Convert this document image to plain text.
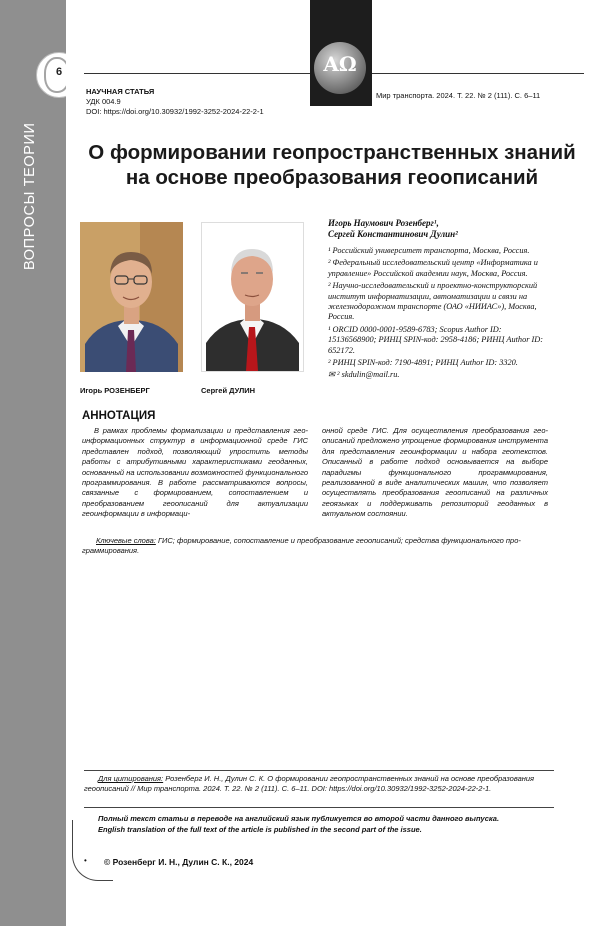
ВОПРОСЫ ТЕОРИИ
6	ΑΩ
НАУЧНАЯ СТАТЬЯ
УДК 004.9
DOI: https://doi.org/10.30932/1992-3252-2024-22-2-1
Мир транспорта. 2024. Т. 22. № 2 (111). С. 6–11
О формировании геопространственных знаний
на основе преобразования геоописаний
Игорь РОЗЕНБЕРГ	Сергей ДУЛИН
Игорь Наумович Розенберг¹,
Сергей Константинович Дулин²

¹ Российский университет транспорта, Москва, Россия.

² Федеральный исследовательский центр «Информатика и управление» Российской академии наук, Москва, Россия.

² Научно-исследовательский и проектно-конструкторский институт информатизации, автоматизации и связи на железнодорожном транспорте (ОАО «НИИАС»), Москва, Россия.

¹ ORCID 0000-0001-9589-6783; Scopus Author ID: 15136568900; РИНЦ SPIN-код: 2958-4186; РИНЦ Author ID: 652172.

² РИНЦ SPIN-код: 7190-4891; РИНЦ Author ID: 3320.

✉ ² skdulin@mail.ru.

АННОТАЦИЯ
В рамках проблемы формализации и представления гео-информационных структур в информационной среде ГИС представлен подход, позволяющий упростить методы работы с атрибутивными характеристиками геоданных, основанный на использовании возможностей функционального программирования. В работе рассматриваются вопросы, связанные с формированием, сопоставлением и преобразованием геоописаний для актуализации геоинформации в информаци-
онной среде ГИС. Для осуществления преобразования гео-описаний предложено упрощение формирования инструмента для представления геоинформации и набора геотекстов. Описанный в работе подход основывается на выборе парадигмы функционального программирования, реализованной в виде аналитических машин, что позволяет осуществлять преобразования геоописаний на различных геоязыках и поддерживать репозиторий геоданных в актуальном состоянии.
Ключевые слова: ГИС; формирование, сопоставление и преобразование геоописаний; средства функционального про-граммирования.
Для цитирования: Розенберг И. Н., Дулин С. К. О формировании геопространственных знаний на основе преобразования геоописаний // Мир транспорта. 2024. Т. 22. № 2 (111). С. 6–11. DOI: https://doi.org/10.30932/1992-3252-2024-22-2-1.
Полный текст статьи в переводе на английский язык публикуется во второй части данного выпуска.
English translation of the full text of the article is published in the second part of the issue.
• © Розенберг И. Н., Дулин С. К., 2024
